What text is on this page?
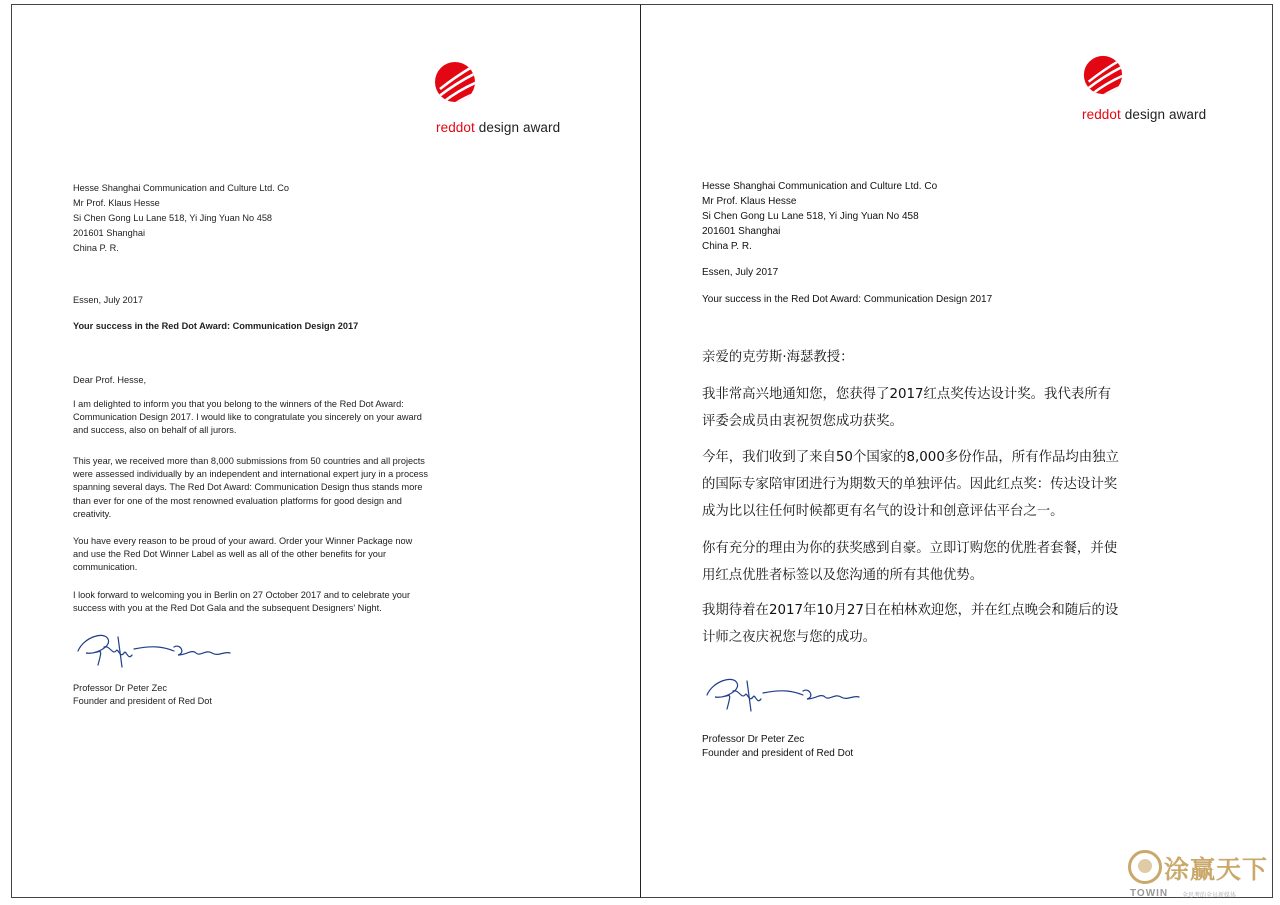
reddot design award
Hesse Shanghai Communication and Culture Ltd. Co
Mr Prof. Klaus Hesse
Si Chen Gong Lu Lane 518, Yi Jing Yuan No 458
201601 Shanghai
China P. R.
Essen, July 2017
Your success in the Red Dot Award: Communication Design 2017
Dear Prof. Hesse,
I am delighted to inform you that you belong to the winners of the Red Dot Award:
Communication Design 2017. I would like to congratulate you sincerely on your award
and success, also on behalf of all jurors.
This year, we received more than 8,000 submissions from 50 countries and all projects
were assessed individually by an independent and international expert jury in a process
spanning several days. The Red Dot Award: Communication Design thus stands more
than ever for one of the most renowned evaluation platforms for good design and
creativity.
You have every reason to be proud of your award. Order your Winner Package now
and use the Red Dot Winner Label as well as all of the other benefits for your
communication.
I look forward to welcoming you in Berlin on 27 October 2017 and to celebrate your
success with you at the Red Dot Gala and the subsequent Designers' Night.
Professor Dr Peter Zec
Founder and president of Red Dot
reddot design award
Hesse Shanghai Communication and Culture Ltd. Co
Mr Prof. Klaus Hesse
Si Chen Gong Lu Lane 518, Yi Jing Yuan No 458
201601 Shanghai
China P. R.
Essen, July 2017
Your success in the Red Dot Award: Communication Design 2017
亲爱的克劳斯·海瑟教授：
我非常高兴地通知您，您获得了2017红点奖传达设计奖。我代表所有
评委会成员由衷祝贺您成功获奖。
今年，我们收到了来自50个国家的8,000多份作品，所有作品均由独立
的国际专家陪审团进行为期数天的单独评估。因此红点奖：传达设计奖
成为比以往任何时候都更有名气的设计和创意评估平台之一。
你有充分的理由为你的获奖感到自豪。立即订购您的优胜者套餐，并使
用红点优胜者标签以及您沟通的所有其他优势。
我期待着在2017年10月27日在柏林欢迎您，并在红点晚会和随后的设
计师之夜庆祝您与您的成功。
Professor Dr Peter Zec
Founder and president of Red Dot
涂赢天下
TOWIN 全思考的全员新媒体
